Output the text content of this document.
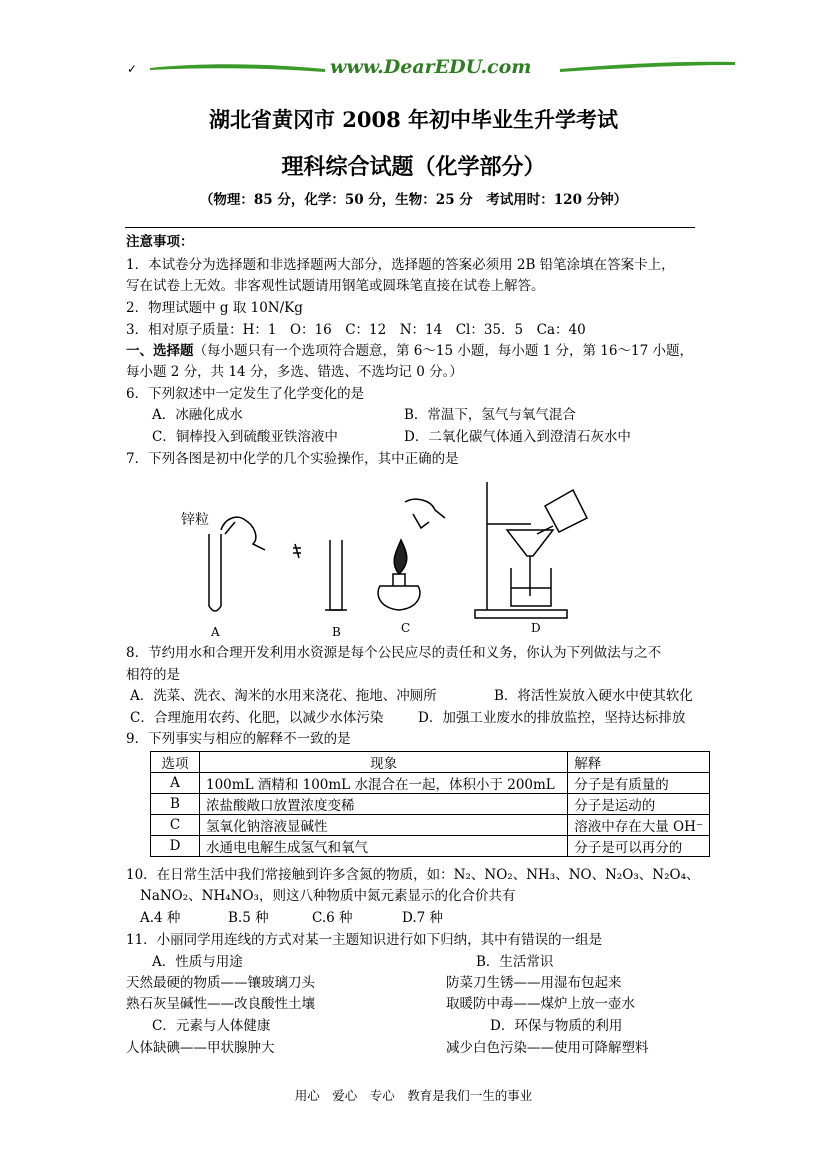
✓	www.DearEDU.com
湖北省黄冈市 2008 年初中毕业生升学考试
理科综合试题（化学部分）
（物理：85 分，化学：50 分，生物：25 分　考试用时：120 分钟）
注意事项：
1．本试卷分为选择题和非选择题两大部分，选择题的答案必须用 2B 铅笔涂填在答案卡上，
写在试卷上无效。非客观性试题请用钢笔或圆珠笔直接在试卷上解答。
2．物理试题中 g 取 10N/Kg
3．相对原子质量：H：1　O：16　C：12　N：14　Cl：35．5　Ca：40
一、选择题（每小题只有一个选项符合题意，第 6～15 小题，每小题 1 分，第 16～17 小题，
每小题 2 分，共 14 分，多选、错选、不选均记 0 分。）
6．下列叙述中一定发生了化学变化的是
A．冰融化成水	B．常温下，氢气与氧气混合
C．铜棒投入到硫酸亚铁溶液中	D．二氧化碳气体通入到澄清石灰水中
7．下列各图是初中化学的几个实验操作，其中正确的是
锌粒
A	B	C	D
8．节约用水和合理开发利用水资源是每个公民应尽的责任和义务，你认为下列做法与之不
相符的是
A．洗菜、洗衣、淘米的水用来浇花、拖地、冲厕所	B．将活性炭放入硬水中使其软化
C．合理施用农药、化肥，以减少水体污染	D．加强工业废水的排放监控，坚持达标排放
9．下列事实与相应的解释不一致的是
选项	现象	解释
A	100mL 酒精和 100mL 水混合在一起，体积小于 200mL	分子是有质量的
B	浓盐酸敞口放置浓度变稀	分子是运动的
C	氢氧化钠溶液显碱性	溶液中存在大量 OH⁻
D	水通电电解生成氢气和氧气	分子是可以再分的
10．在日常生活中我们常接触到许多含氮的物质，如：N₂、NO₂、NH₃、NO、N₂O₃、N₂O₄、
NaNO₂、NH₄NO₃，则这八种物质中氮元素显示的化合价共有
A.4 种	B.5 种	C.6 种	D.7 种
11．小丽同学用连线的方式对某一主题知识进行如下归纳，其中有错误的一组是
A．性质与用途	B．生活常识
天然最硬的物质——镶玻璃刀头	防菜刀生锈——用湿布包起来
熟石灰呈碱性——改良酸性土壤	取暖防中毒——煤炉上放一壶水
C．元素与人体健康	D．环保与物质的利用
人体缺碘——甲状腺肿大	减少白色污染——使用可降解塑料
用心　爱心　专心　教育是我们一生的事业
